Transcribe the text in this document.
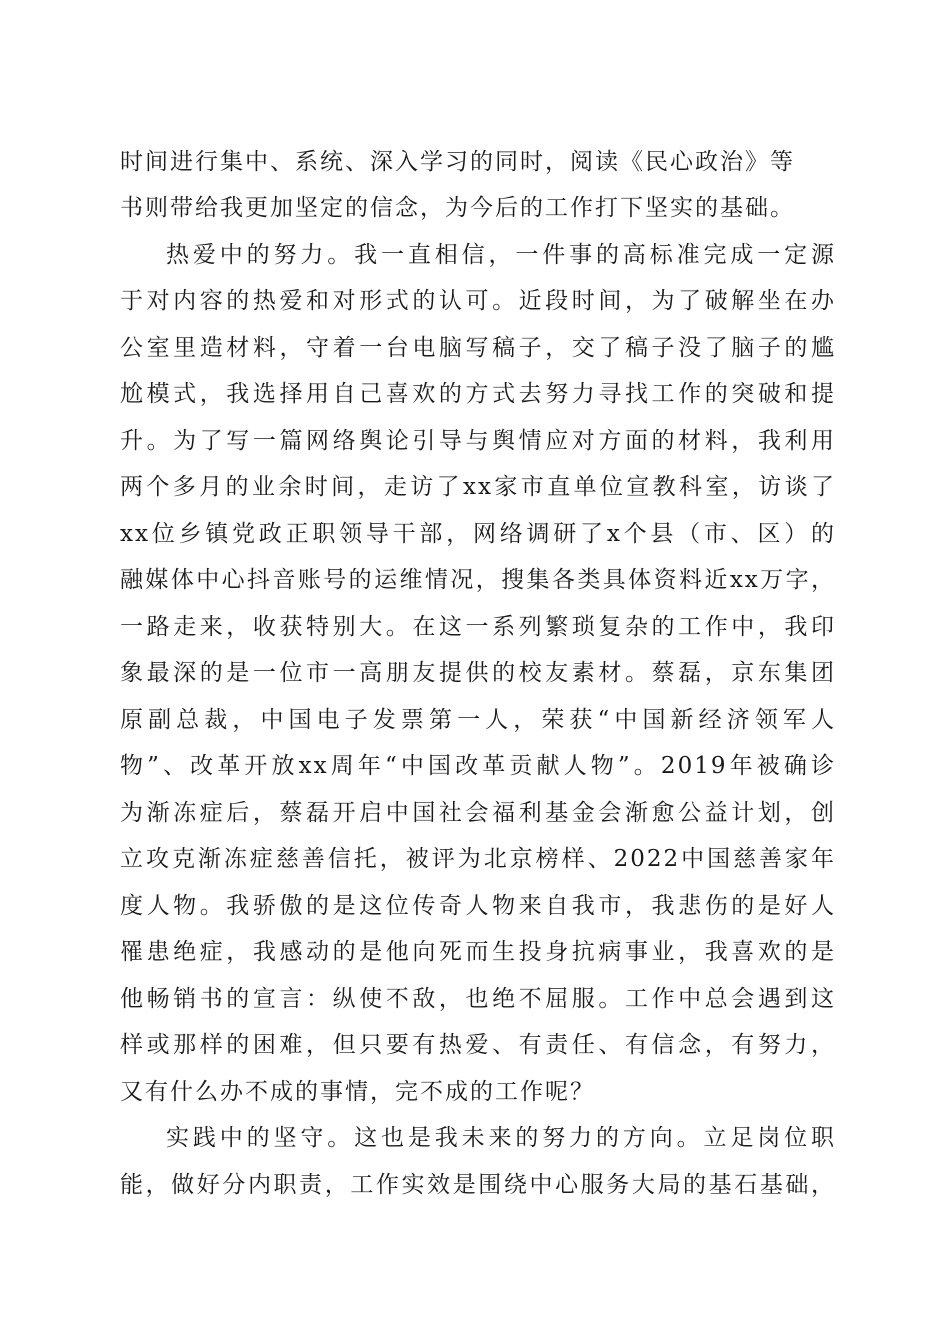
时间进行集中、系统、深入学习的同时，阅读《民心政治》等
书则带给我更加坚定的信念，为今后的工作打下坚实的基础。
热爱中的努力。我一直相信，一件事的高标准完成一定源
于对内容的热爱和对形式的认可。近段时间，为了破解坐在办
公室里造材料，守着一台电脑写稿子，交了稿子没了脑子的尴
尬模式，我选择用自己喜欢的方式去努力寻找工作的突破和提
升。为了写一篇网络舆论引导与舆情应对方面的材料，我利用
两个多月的业余时间，走访了xx家市直单位宣教科室，访谈了
xx位乡镇党政正职领导干部，网络调研了x个县（市、区）的
融媒体中心抖音账号的运维情况，搜集各类具体资料近xx万字，
一路走来，收获特别大。在这一系列繁琐复杂的工作中，我印
象最深的是一位市一高朋友提供的校友素材。蔡磊，京东集团
原副总裁，中国电子发票第一人，荣获“中国新经济领军人
物”、改革开放xx周年“中国改革贡献人物”。2019年被确诊
为渐冻症后，蔡磊开启中国社会福利基金会渐愈公益计划，创
立攻克渐冻症慈善信托，被评为北京榜样、2022中国慈善家年
度人物。我骄傲的是这位传奇人物来自我市，我悲伤的是好人
罹患绝症，我感动的是他向死而生投身抗病事业，我喜欢的是
他畅销书的宣言：纵使不敌，也绝不屈服。工作中总会遇到这
样或那样的困难，但只要有热爱、有责任、有信念，有努力，
又有什么办不成的事情，完不成的工作呢？
实践中的坚守。这也是我未来的努力的方向。立足岗位职
能，做好分内职责，工作实效是围绕中心服务大局的基石基础，
